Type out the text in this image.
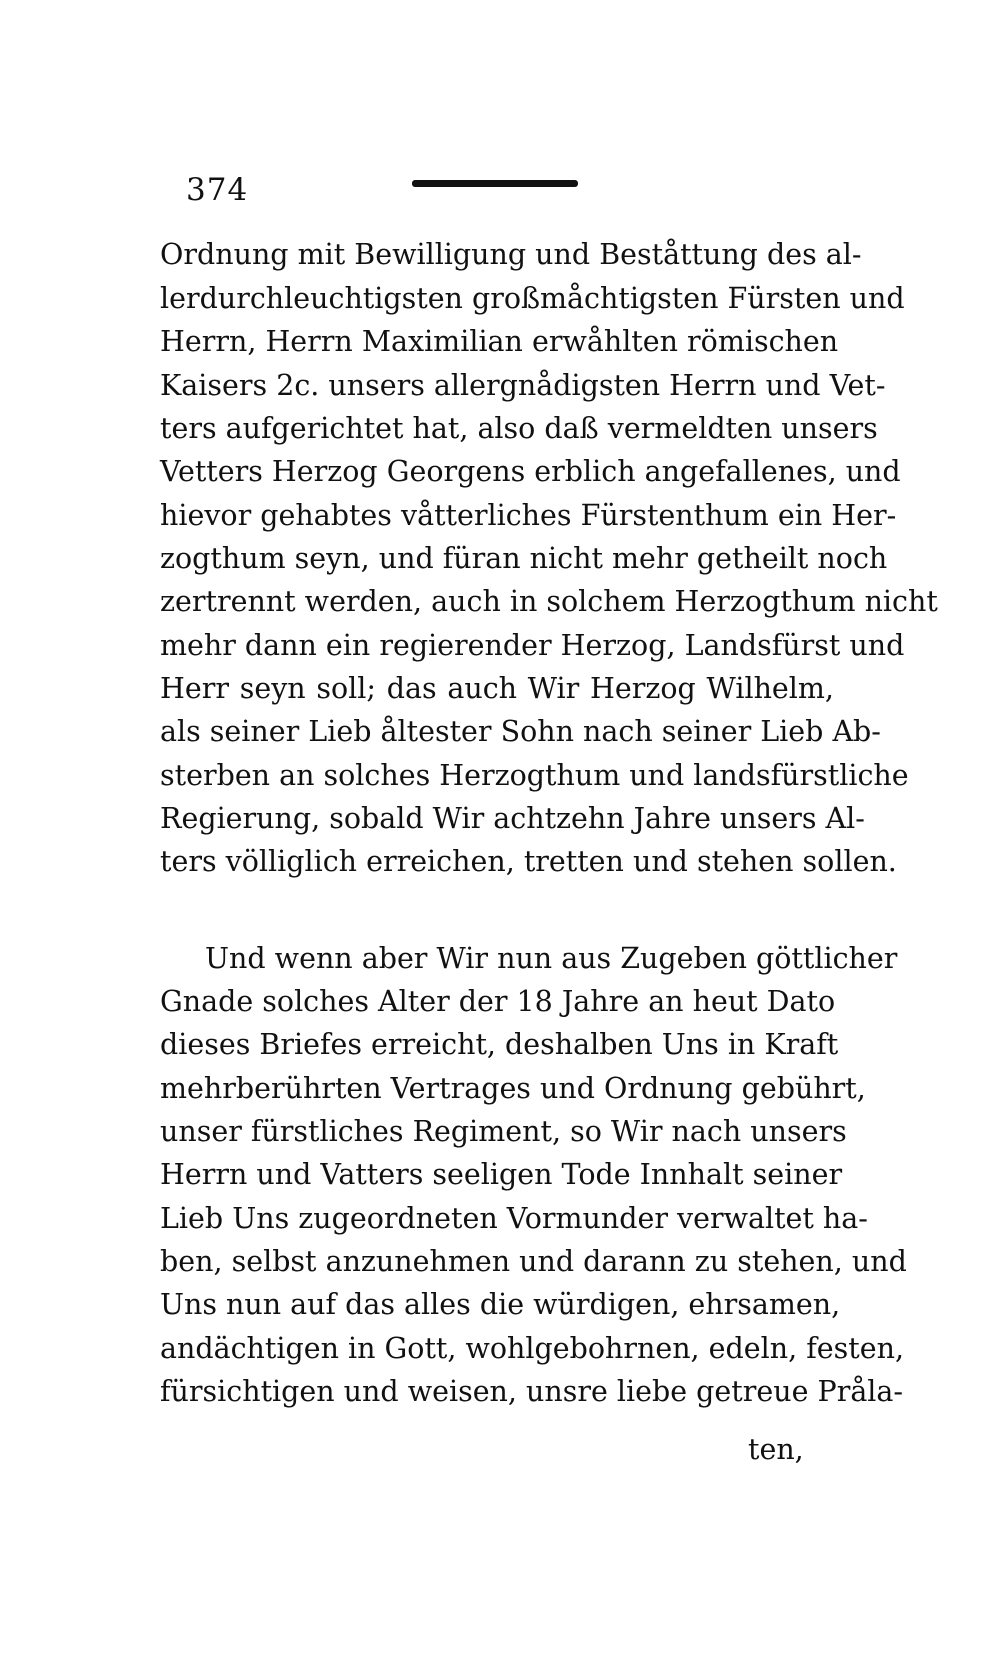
374
Ordnung mit Bewilligung und Beståttung des al-
lerdurchleuchtigsten großmåchtigsten Fürsten und
Herrn, Herrn Maximilian erwåhlten römischen
Kaisers 2c. unsers allergnådigsten Herrn und Vet-
ters aufgerichtet hat, also daß vermeldten unsers
Vetters Herzog Georgens erblich angefallenes, und
hievor gehabtes våtterliches Fürstenthum ein Her-
zogthum seyn, und füran nicht mehr getheilt noch
zertrennt werden, auch in solchem Herzogthum nicht
mehr dann ein regierender Herzog, Landsfürst und
Herr seyn soll; das auch Wir Herzog Wilhelm,
als seiner Lieb åltester Sohn nach seiner Lieb Ab-
sterben an solches Herzogthum und landsfürstliche
Regierung, sobald Wir achtzehn Jahre unsers Al-
ters völliglich erreichen, tretten und stehen sollen.
Und wenn aber Wir nun aus Zugeben göttlicher
Gnade solches Alter der 18 Jahre an heut Dato
dieses Briefes erreicht, deshalben Uns in Kraft
mehrberührten Vertrages und Ordnung gebührt,
unser fürstliches Regiment, so Wir nach unsers
Herrn und Vatters seeligen Tode Innhalt seiner
Lieb Uns zugeordneten Vormunder verwaltet ha-
ben, selbst anzunehmen und darann zu stehen, und
Uns nun auf das alles die würdigen, ehrsamen,
andächtigen in Gott, wohlgebohrnen, edeln, festen,
fürsichtigen und weisen, unsre liebe getreue Pråla-
ten,
